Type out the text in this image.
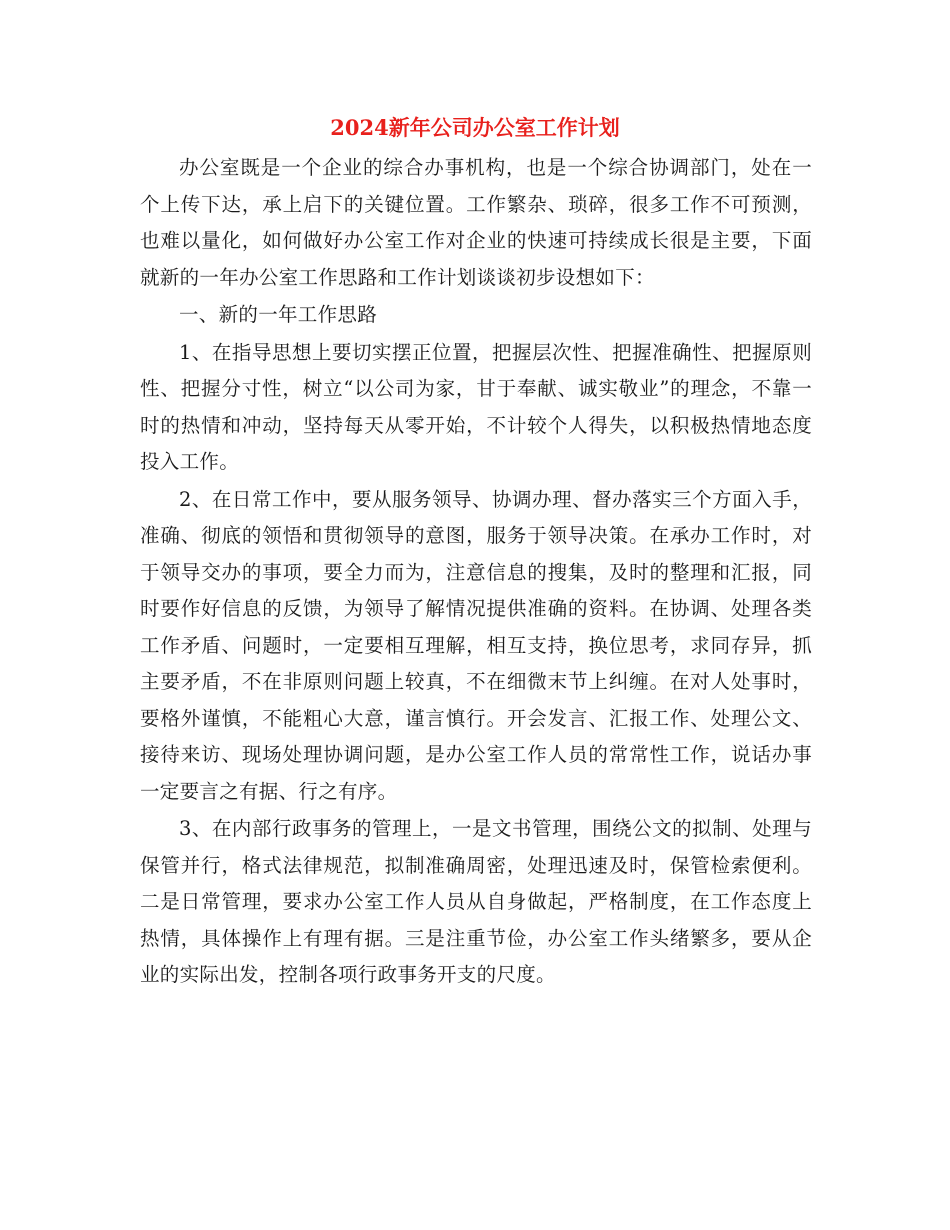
2024新年公司办公室工作计划

办公室既是一个企业的综合办事机构，也是一个综合协调部门，处在一个上传下达，承上启下的关键位置。工作繁杂、琐碎，很多工作不可预测，也难以量化，如何做好办公室工作对企业的快速可持续成长很是主要，下面就新的一年办公室工作思路和工作计划谈谈初步设想如下：

一、新的一年工作思路

1、在指导思想上要切实摆正位置，把握层次性、把握准确性、把握原则性、把握分寸性，树立“以公司为家，甘于奉献、诚实敬业”的理念，不靠一时的热情和冲动，坚持每天从零开始，不计较个人得失，以积极热情地态度投入工作。

2、在日常工作中，要从服务领导、协调办理、督办落实三个方面入手，准确、彻底的领悟和贯彻领导的意图，服务于领导决策。在承办工作时，对于领导交办的事项，要全力而为，注意信息的搜集，及时的整理和汇报，同时要作好信息的反馈，为领导了解情况提供准确的资料。在协调、处理各类工作矛盾、问题时，一定要相互理解，相互支持，换位思考，求同存异，抓主要矛盾，不在非原则问题上较真，不在细微末节上纠缠。在对人处事时，要格外谨慎，不能粗心大意，谨言慎行。开会发言、汇报工作、处理公文、接待来访、现场处理协调问题，是办公室工作人员的常常性工作，说话办事一定要言之有据、行之有序。

3、在内部行政事务的管理上，一是文书管理，围绕公文的拟制、处理与保管并行，格式法律规范，拟制准确周密，处理迅速及时，保管检索便利。二是日常管理，要求办公室工作人员从自身做起，严格制度，在工作态度上热情，具体操作上有理有据。三是注重节俭，办公室工作头绪繁多，要从企业的实际出发，控制各项行政事务开支的尺度。
